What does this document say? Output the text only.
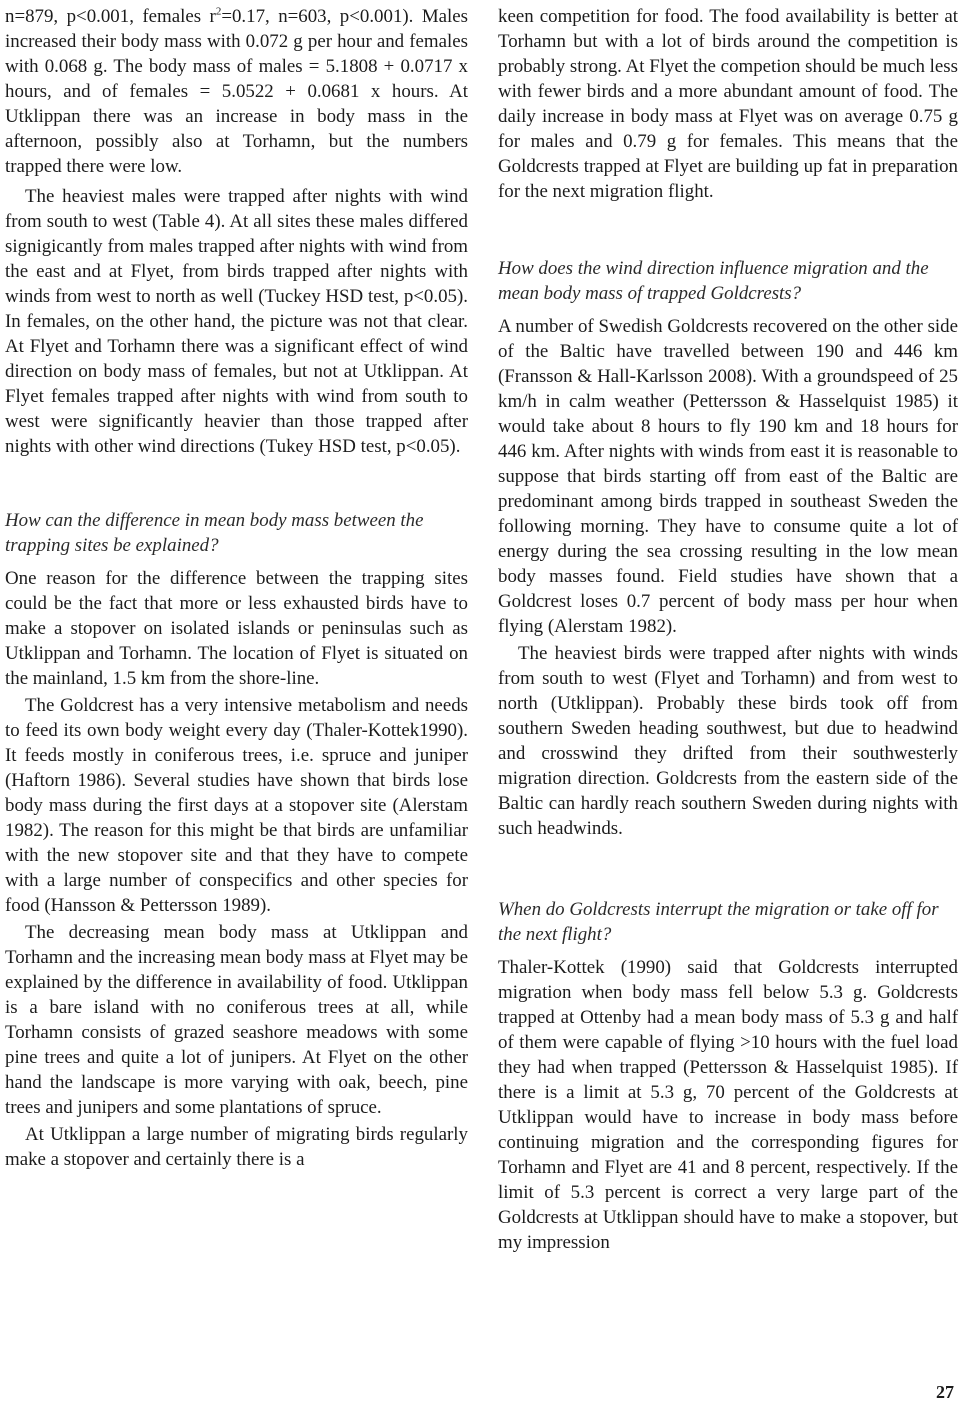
n=879, p<0.001, females $r^2=0.17$, n=603, p<0.001). Males increased their body mass with 0.072 g per hour and females with 0.068 g. The body mass of males = 5.1808 + 0.0717 x hours, and of females = 5.0522 + 0.0681 x hours. At Utklippan there was an increase in body mass in the afternoon, possibly also at Torhamn, but the numbers trapped there were low.

The heaviest males were trapped after nights with wind from south to west (Table 4). At all sites these males differed signigicantly from males trapped after nights with wind from the east and at Flyet, from birds trapped after nights with winds from west to north as well (Tuckey HSD test, p<0.05). In females, on the other hand, the picture was not that clear. At Flyet and Torhamn there was a significant effect of wind direction on body mass of females, but not at Utklippan. At Flyet females trapped after nights with wind from south to west were significantly heavier than those trapped after nights with other wind directions (Tukey HSD test, p<0.05).

How can the difference in mean body mass between the trapping sites be explained?

One reason for the difference between the trapping sites could be the fact that more or less exhausted birds have to make a stopover on isolated islands or peninsulas such as Utklippan and Torhamn. The location of Flyet is situated on the mainland, 1.5 km from the shore-line.

The Goldcrest has a very intensive metabolism and needs to feed its own body weight every day (Thaler-Kottek1990). It feeds mostly in coniferous trees, i.e. spruce and juniper (Haftorn 1986). Several studies have shown that birds lose body mass during the first days at a stopover site (Alerstam 1982). The reason for this might be that birds are unfamiliar with the new stopover site and that they have to compete with a large number of conspecifics and other species for food (Hansson & Pettersson 1989).

The decreasing mean body mass at Utklippan and Torhamn and the increasing mean body mass at Flyet may be explained by the difference in availability of food. Utklippan is a bare island with no coniferous trees at all, while Torhamn consists of grazed seashore meadows with some pine trees and quite a lot of junipers. At Flyet on the other hand the landscape is more varying with oak, beech, pine trees and junipers and some plantations of spruce.

At Utklippan a large number of migrating birds regularly make a stopover and certainly there is a

keen competition for food. The food availability is better at Torhamn but with a lot of birds around the competition is probably strong. At Flyet the competion should be much less with fewer birds and a more abundant amount of food. The daily increase in body mass at Flyet was on average 0.75 g for males and 0.79 g for females. This means that the Goldcrests trapped at Flyet are building up fat in preparation for the next migration flight.

How does the wind direction influence migration and the mean body mass of trapped Goldcrests?

A number of Swedish Goldcrests recovered on the other side of the Baltic have travelled between 190 and 446 km (Fransson & Hall-Karlsson 2008). With a groundspeed of 25 km/h in calm weather (Pettersson & Hasselquist 1985) it would take about 8 hours to fly 190 km and 18 hours for 446 km. After nights with winds from east it is reasonable to suppose that birds starting off from east of the Baltic are predominant among birds trapped in southeast Sweden the following morning. They have to consume quite a lot of energy during the sea crossing resulting in the low mean body masses found. Field studies have shown that a Goldcrest loses 0.7 percent of body mass per hour when flying (Alerstam 1982).

The heaviest birds were trapped after nights with winds from south to west (Flyet and Torhamn) and from west to north (Utklippan). Probably these birds took off from southern Sweden heading southwest, but due to headwind and crosswind they drifted from their southwesterly migration direction. Goldcrests from the eastern side of the Baltic can hardly reach southern Sweden during nights with such headwinds.

When do Goldcrests interrupt the migration or take off for the next flight?

Thaler-Kottek (1990) said that Goldcrests interrupted migration when body mass fell below 5.3 g. Goldcrests trapped at Ottenby had a mean body mass of 5.3 g and half of them were capable of flying >10 hours with the fuel load they had when trapped (Pettersson & Hasselquist 1985). If there is a limit at 5.3 g, 70 percent of the Goldcrests at Utklippan would have to increase in body mass before continuing migration and the corresponding figures for Torhamn and Flyet are 41 and 8 percent, respectively. If the limit of 5.3 percent is correct a very large part of the Goldcrests at Utklippan should have to make a stopover, but my impression

27
